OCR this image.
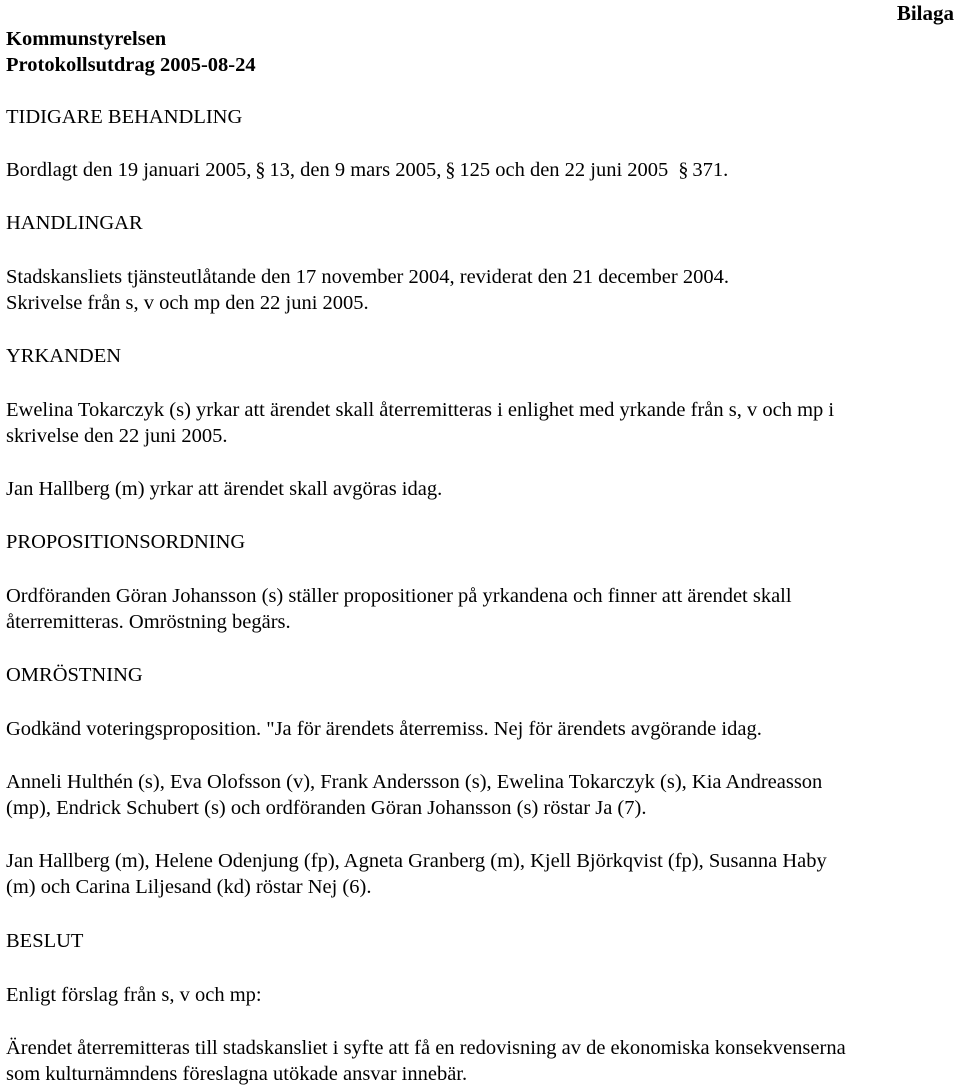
Bilaga
Kommunstyrelsen
Protokollsutdrag 2005-08-24
TIDIGARE BEHANDLING
Bordlagt den 19 januari 2005, § 13, den 9 mars 2005, § 125 och den 22 juni 2005 § 371.
HANDLINGAR
Stadskansliets tjänsteutlåtande den 17 november 2004, reviderat den 21 december 2004.
Skrivelse från s, v och mp den 22 juni 2005.
YRKANDEN
Ewelina Tokarczyk (s) yrkar att ärendet skall återremitteras i enlighet med yrkande från s, v och mp i
skrivelse den 22 juni 2005.
Jan Hallberg (m) yrkar att ärendet skall avgöras idag.
PROPOSITIONSORDNING
Ordföranden Göran Johansson (s) ställer propositioner på yrkandena och finner att ärendet skall
återremitteras. Omröstning begärs.
OMRÖSTNING
Godkänd voteringsproposition. "Ja för ärendets återremiss. Nej för ärendets avgörande idag.
Anneli Hulthén (s), Eva Olofsson (v), Frank Andersson (s), Ewelina Tokarczyk (s), Kia Andreasson
(mp), Endrick Schubert (s) och ordföranden Göran Johansson (s) röstar Ja (7).
Jan Hallberg (m), Helene Odenjung (fp), Agneta Granberg (m), Kjell Björkqvist (fp), Susanna Haby
(m) och Carina Liljesand (kd) röstar Nej (6).
BESLUT
Enligt förslag från s, v och mp:
Ärendet återremitteras till stadskansliet i syfte att få en redovisning av de ekonomiska konsekvenserna
som kulturnämndens föreslagna utökade ansvar innebär.
